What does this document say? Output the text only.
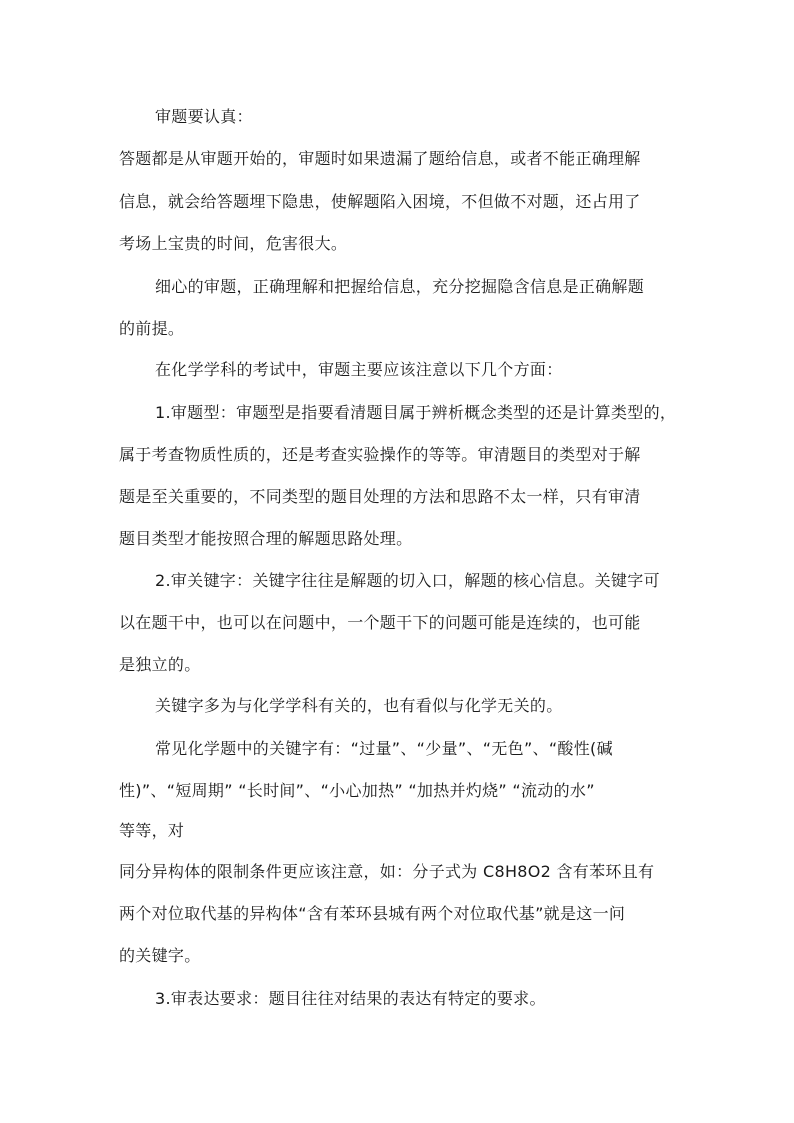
审题要认真：
答题都是从审题开始的，审题时如果遗漏了题给信息，或者不能正确理解
信息，就会给答题埋下隐患，使解题陷入困境，不但做不对题，还占用了
考场上宝贵的时间，危害很大。
细心的审题，正确理解和把握给信息，充分挖掘隐含信息是正确解题
的前提。
在化学学科的考试中，审题主要应该注意以下几个方面：
1.审题型：审题型是指要看清题目属于辨析概念类型的还是计算类型的，
属于考查物质性质的，还是考查实验操作的等等。审清题目的类型对于解
题是至关重要的，不同类型的题目处理的方法和思路不太一样，只有审清
题目类型才能按照合理的解题思路处理。
2.审关键字：关键字往往是解题的切入口，解题的核心信息。关键字可
以在题干中，也可以在问题中，一个题干下的问题可能是连续的，也可能
是独立的。
关键字多为与化学学科有关的，也有看似与化学无关的。
常见化学题中的关键字有：“过量”、“少量”、“无色”、“酸性(碱
性)”、“短周期” “长时间”、“小心加热” “加热并灼烧” “流动的水”
等等，对
同分异构体的限制条件更应该注意，如：分子式为 C8H8O2 含有苯环且有
两个对位取代基的异构体“含有苯环县城有两个对位取代基”就是这一问
的关键字。
3.审表达要求：题目往往对结果的表达有特定的要求。
